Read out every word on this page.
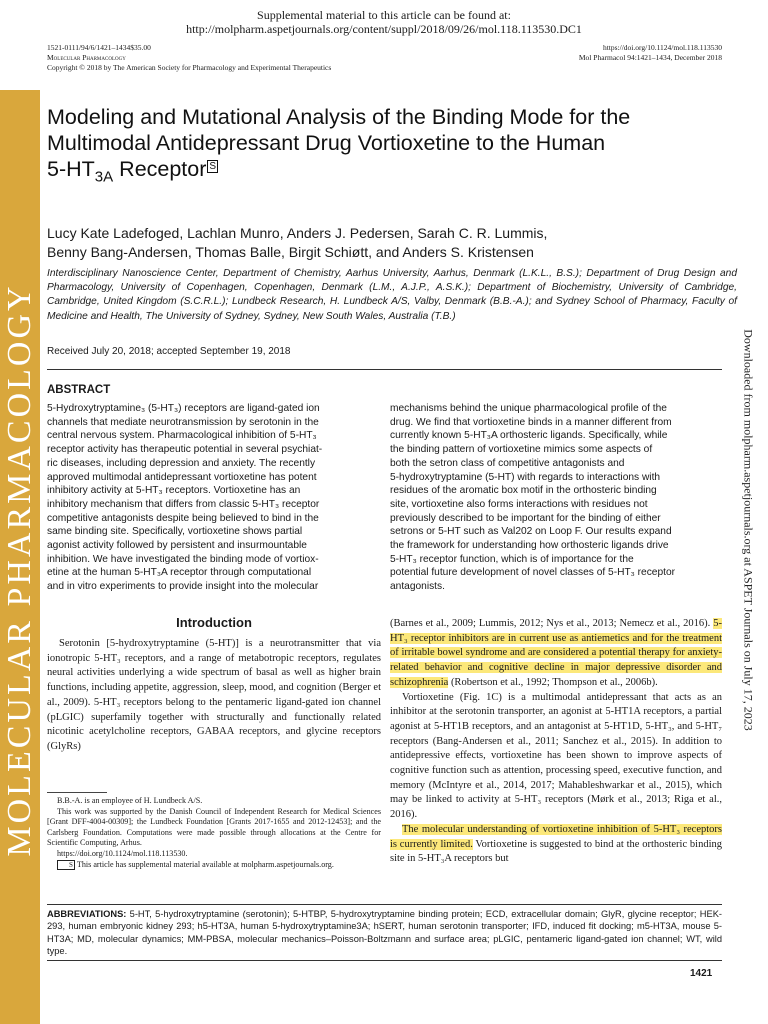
MOLECULAR PHARMACOLOGY	Downloaded from molpharm.aspetjournals.org at ASPET Journals on July 17, 2023
Supplemental material to this article can be found at:
http://molpharm.aspetjournals.org/content/suppl/2018/09/26/mol.118.113530.DC1
1521-0111/94/6/1421–1434$35.00
Molecular Pharmacology
Copyright © 2018 by The American Society for Pharmacology and Experimental Therapeutics
https://doi.org/10.1124/mol.118.113530
Mol Pharmacol 94:1421–1434, December 2018
Modeling and Mutational Analysis of the Binding Mode for the
Multimodal Antidepressant Drug Vortioxetine to the Human
$5-HT_{3A}$ Receptor S
Lucy Kate Ladefoged, Lachlan Munro, Anders J. Pedersen, Sarah C. R. Lummis,
Benny Bang-Andersen, Thomas Balle, Birgit Schiøtt, and Anders S. Kristensen
Interdisciplinary Nanoscience Center, Department of Chemistry, Aarhus University, Aarhus, Denmark (L.K.L., B.S.); Department of Drug Design and Pharmacology, University of Copenhagen, Copenhagen, Denmark (L.M., A.J.P., A.S.K.); Department of Biochemistry, University of Cambridge, Cambridge, United Kingdom (S.C.R.L.); Lundbeck Research, H. Lundbeck A/S, Valby, Denmark (B.B.-A.); and Sydney School of Pharmacy, Faculty of Medicine and Health, The University of Sydney, Sydney, New South Wales, Australia (T.B.)
Received July 20, 2018; accepted September 19, 2018
ABSTRACT
5-Hydroxytryptamine₃ (5-HT₃) receptors are ligand-gated ion
channels that mediate neurotransmission by serotonin in the
central nervous system. Pharmacological inhibition of 5-HT₃
receptor activity has therapeutic potential in several psychiat-
ric diseases, including depression and anxiety. The recently
approved multimodal antidepressant vortioxetine has potent
inhibitory activity at 5-HT₃ receptors. Vortioxetine has an
inhibitory mechanism that differs from classic 5-HT₃ receptor
competitive antagonists despite being believed to bind in the
same binding site. Specifically, vortioxetine shows partial
agonist activity followed by persistent and insurmountable
inhibition. We have investigated the binding mode of vortiox-
etine at the human 5-HT₃A receptor through computational
and in vitro experiments to provide insight into the molecular
mechanisms behind the unique pharmacological profile of the
drug. We find that vortioxetine binds in a manner different from
currently known 5-HT₃A orthosteric ligands. Specifically, while
the binding pattern of vortioxetine mimics some aspects of
both the setron class of competitive antagonists and
5-hydroxytryptamine (5-HT) with regards to interactions with
residues of the aromatic box motif in the orthosteric binding
site, vortioxetine also forms interactions with residues not
previously described to be important for the binding of either
setrons or 5-HT such as Val202 on Loop F. Our results expand
the framework for understanding how orthosteric ligands drive
5-HT₃ receptor function, which is of importance for the
potential future development of novel classes of 5-HT₃ receptor
antagonists.
Introduction

Serotonin [5-hydroxytryptamine (5-HT)] is a neurotransmitter that via ionotropic 5-HT₃ receptors, and a range of metabotropic receptors, regulates neural activities underlying a wide spectrum of basal as well as higher brain functions, including appetite, aggression, sleep, mood, and cognition (Berger et al., 2009). 5-HT₃ receptors belong to the pentameric ligand-gated ion channel (pLGIC) superfamily together with structurally and functionally related nicotinic acetylcholine receptors, GABAA receptors, and glycine receptors (GlyRs)

(Barnes et al., 2009; Lummis, 2012; Nys et al., 2013; Nemecz et al., 2016). 5-HT₃ receptor inhibitors are in current use as antiemetics and for the treatment of irritable bowel syndrome and are considered a potential therapy for anxiety-related behavior and cognitive decline in major depressive disorder and schizophrenia (Robertson et al., 1992; Thompson et al., 2006b).

Vortioxetine (Fig. 1C) is a multimodal antidepressant that acts as an inhibitor at the serotonin transporter, an agonist at 5-HT1A receptors, a partial agonist at 5-HT1B receptors, and an antagonist at 5-HT1D, 5-HT₃, and 5-HT₇ receptors (Bang-Andersen et al., 2011; Sanchez et al., 2015). In addition to antidepressive effects, vortioxetine has been shown to improve aspects of cognitive function such as attention, processing speed, executive function, and memory (McIntyre et al., 2014, 2017; Mahableshwarkar et al., 2015), which may be linked to activity at 5-HT₃ receptors (Mørk et al., 2013; Riga et al., 2016).

The molecular understanding of vortioxetine inhibition of 5-HT₃ receptors is currently limited. Vortioxetine is suggested to bind at the orthosteric binding site in 5-HT₃A receptors but

B.B.-A. is an employee of H. Lundbeck A/S.
This work was supported by the Danish Council of Independent Research for Medical Sciences [Grant DFF-4004-00309]; the Lundbeck Foundation [Grants 2017-1655 and 2012-12453]; and the Carlsberg Foundation. Computations were made possible through allocations at the Centre for Scientific Computing, Arhus.
https://doi.org/10.1124/mol.118.113530.
S This article has supplemental material available at molpharm.aspetjournals.org.
ABBREVIATIONS: 5-HT, 5-hydroxytryptamine (serotonin); 5-HTBP, 5-hydroxytryptamine binding protein; ECD, extracellular domain; GlyR, glycine receptor; HEK-293, human embryonic kidney 293; h5-HT3A, human 5-hydroxytryptamine3A; hSERT, human serotonin transporter; IFD, induced fit docking; m5-HT3A, mouse 5-HT3A; MD, molecular dynamics; MM-PBSA, molecular mechanics–Poisson-Boltzmann and surface area; pLGIC, pentameric ligand-gated ion channel; WT, wild type.
1421
